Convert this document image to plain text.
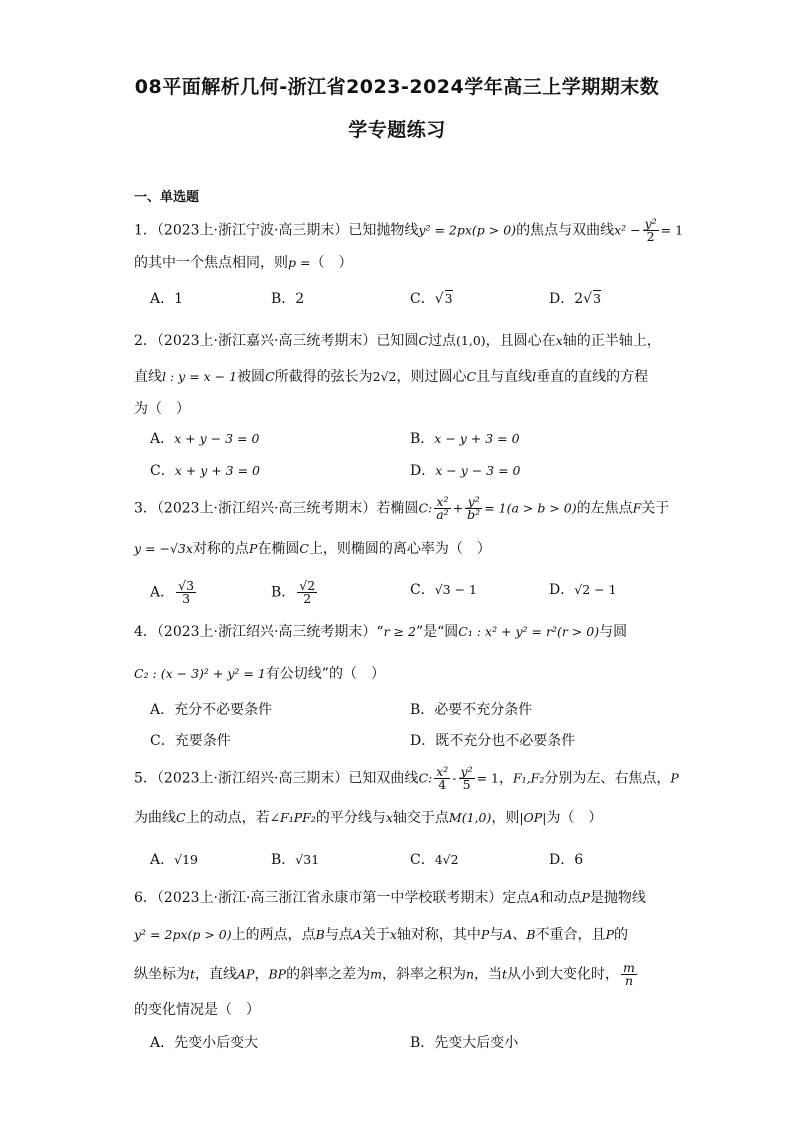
08平面解析几何-浙江省2023-2024学年高三上学期期末数
学专题练习
一、单选题
1．（2023上·浙江宁波·高三期末）已知抛物线y² = 2px(p > 0)的焦点与双曲线$x^2 - \frac{\text{y²}}{2} = 1$
的其中一个焦点相同，则p =（　）
A．1	B．2	C．√3	D．2√3
2．（2023上·浙江嘉兴·高三统考期末）已知圆C过点(1,0)，且圆心在x轴的正半轴上，
直线l : y = x − 1被圆C所截得的弦长为2√2，则过圆心C且与直线l垂直的直线的方程
为（　）
A．x + y − 3 = 0	B．x − y + 3 = 0
C．x + y + 3 = 0	D．x − y − 3 = 0
3．（2023上·浙江绍兴·高三统考期末）若椭圆C: $\frac{\text{x²}}{\text{a²}} + \frac{\text{y²}}{\text{b²}} = 1(a > b > 0)$的左焦点F关于
y = −√3x对称的点P在椭圆C上，则椭圆的离心率为（　）
A． $\frac{√3}{3}$	B． $\frac{√2}{2}$	C．√3 − 1	D．√2 − 1
4．（2023上·浙江绍兴·高三统考期末）“r ≥ 2”是“圆C₁ : x² + y² = r²(r > 0)与圆
C₂ : (x − 3)² + y² = 1有公切线”的（　）
A．充分不必要条件	B．必要不充分条件
C．充要条件	D．既不充分也不必要条件
5．（2023上·浙江绍兴·高三期末）已知双曲线C: $\frac{\text{x²}}{4} - \frac{\text{y²}}{5} = 1$，F₁,F₂分别为左、右焦点，P
为曲线C上的动点，若∠F₁PF₂的平分线与x轴交于点M(1,0)，则|OP|为（　）
A．√19	B．√31	C．4√2	D．6
6．（2023上·浙江·高三浙江省永康市第一中学校联考期末）定点A和动点P是抛物线
y² = 2px(p > 0)上的两点，点B与点A关于x轴对称，其中P与A、B不重合，且P的
纵坐标为t，直线AP，BP的斜率之差为m，斜率之积为n，当t从小到大变化时， $\frac{m}{n}$
的变化情况是（　）
A．先变小后变大	B．先变大后变小
